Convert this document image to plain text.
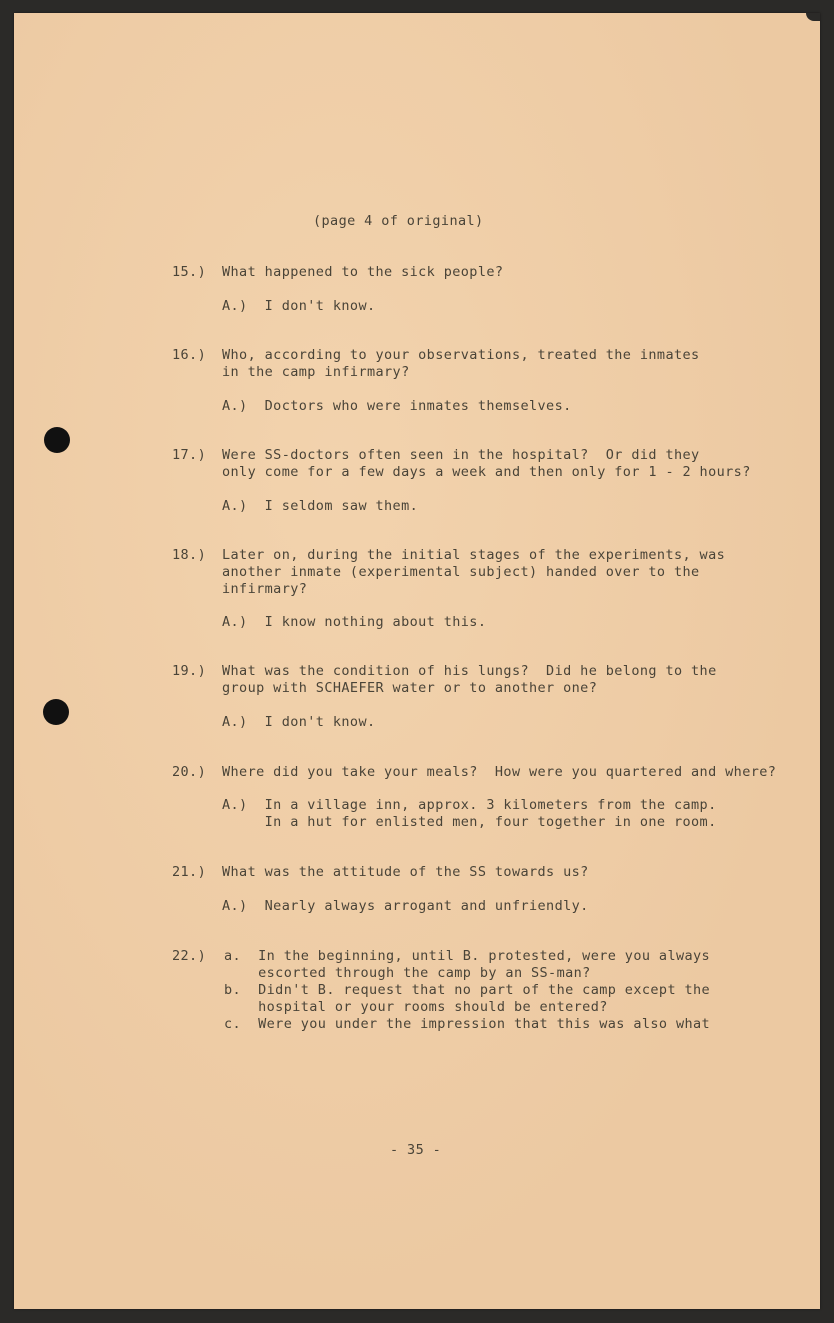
(page 4 of original)
15.) What happened to the sick people?
A.)  I don't know.
16.) Who, according to your observations, treated the inmates
in the camp infirmary?
A.)  Doctors who were inmates themselves.
17.) Were SS-doctors often seen in the hospital?  Or did they
only come for a few days a week and then only for 1 - 2 hours?
A.)  I seldom saw them.
18.) Later on, during the initial stages of the experiments, was
another inmate (experimental subject) handed over to the
infirmary?
A.)  I know nothing about this.
19.) What was the condition of his lungs?  Did he belong to the
group with SCHAEFER water or to another one?
A.)  I don't know.
20.) Where did you take your meals?  How were you quartered and where?
A.)  In a village inn, approx. 3 kilometers from the camp.
In a hut for enlisted men, four together in one room.
21.) What was the attitude of the SS towards us?
A.)  Nearly always arrogant and unfriendly.
22.) a.  In the beginning, until B. protested, were you always
escorted through the camp by an SS-man?
b.  Didn't B. request that no part of the camp except the
hospital or your rooms should be entered?
c.  Were you under the impression that this was also what
- 35 -
